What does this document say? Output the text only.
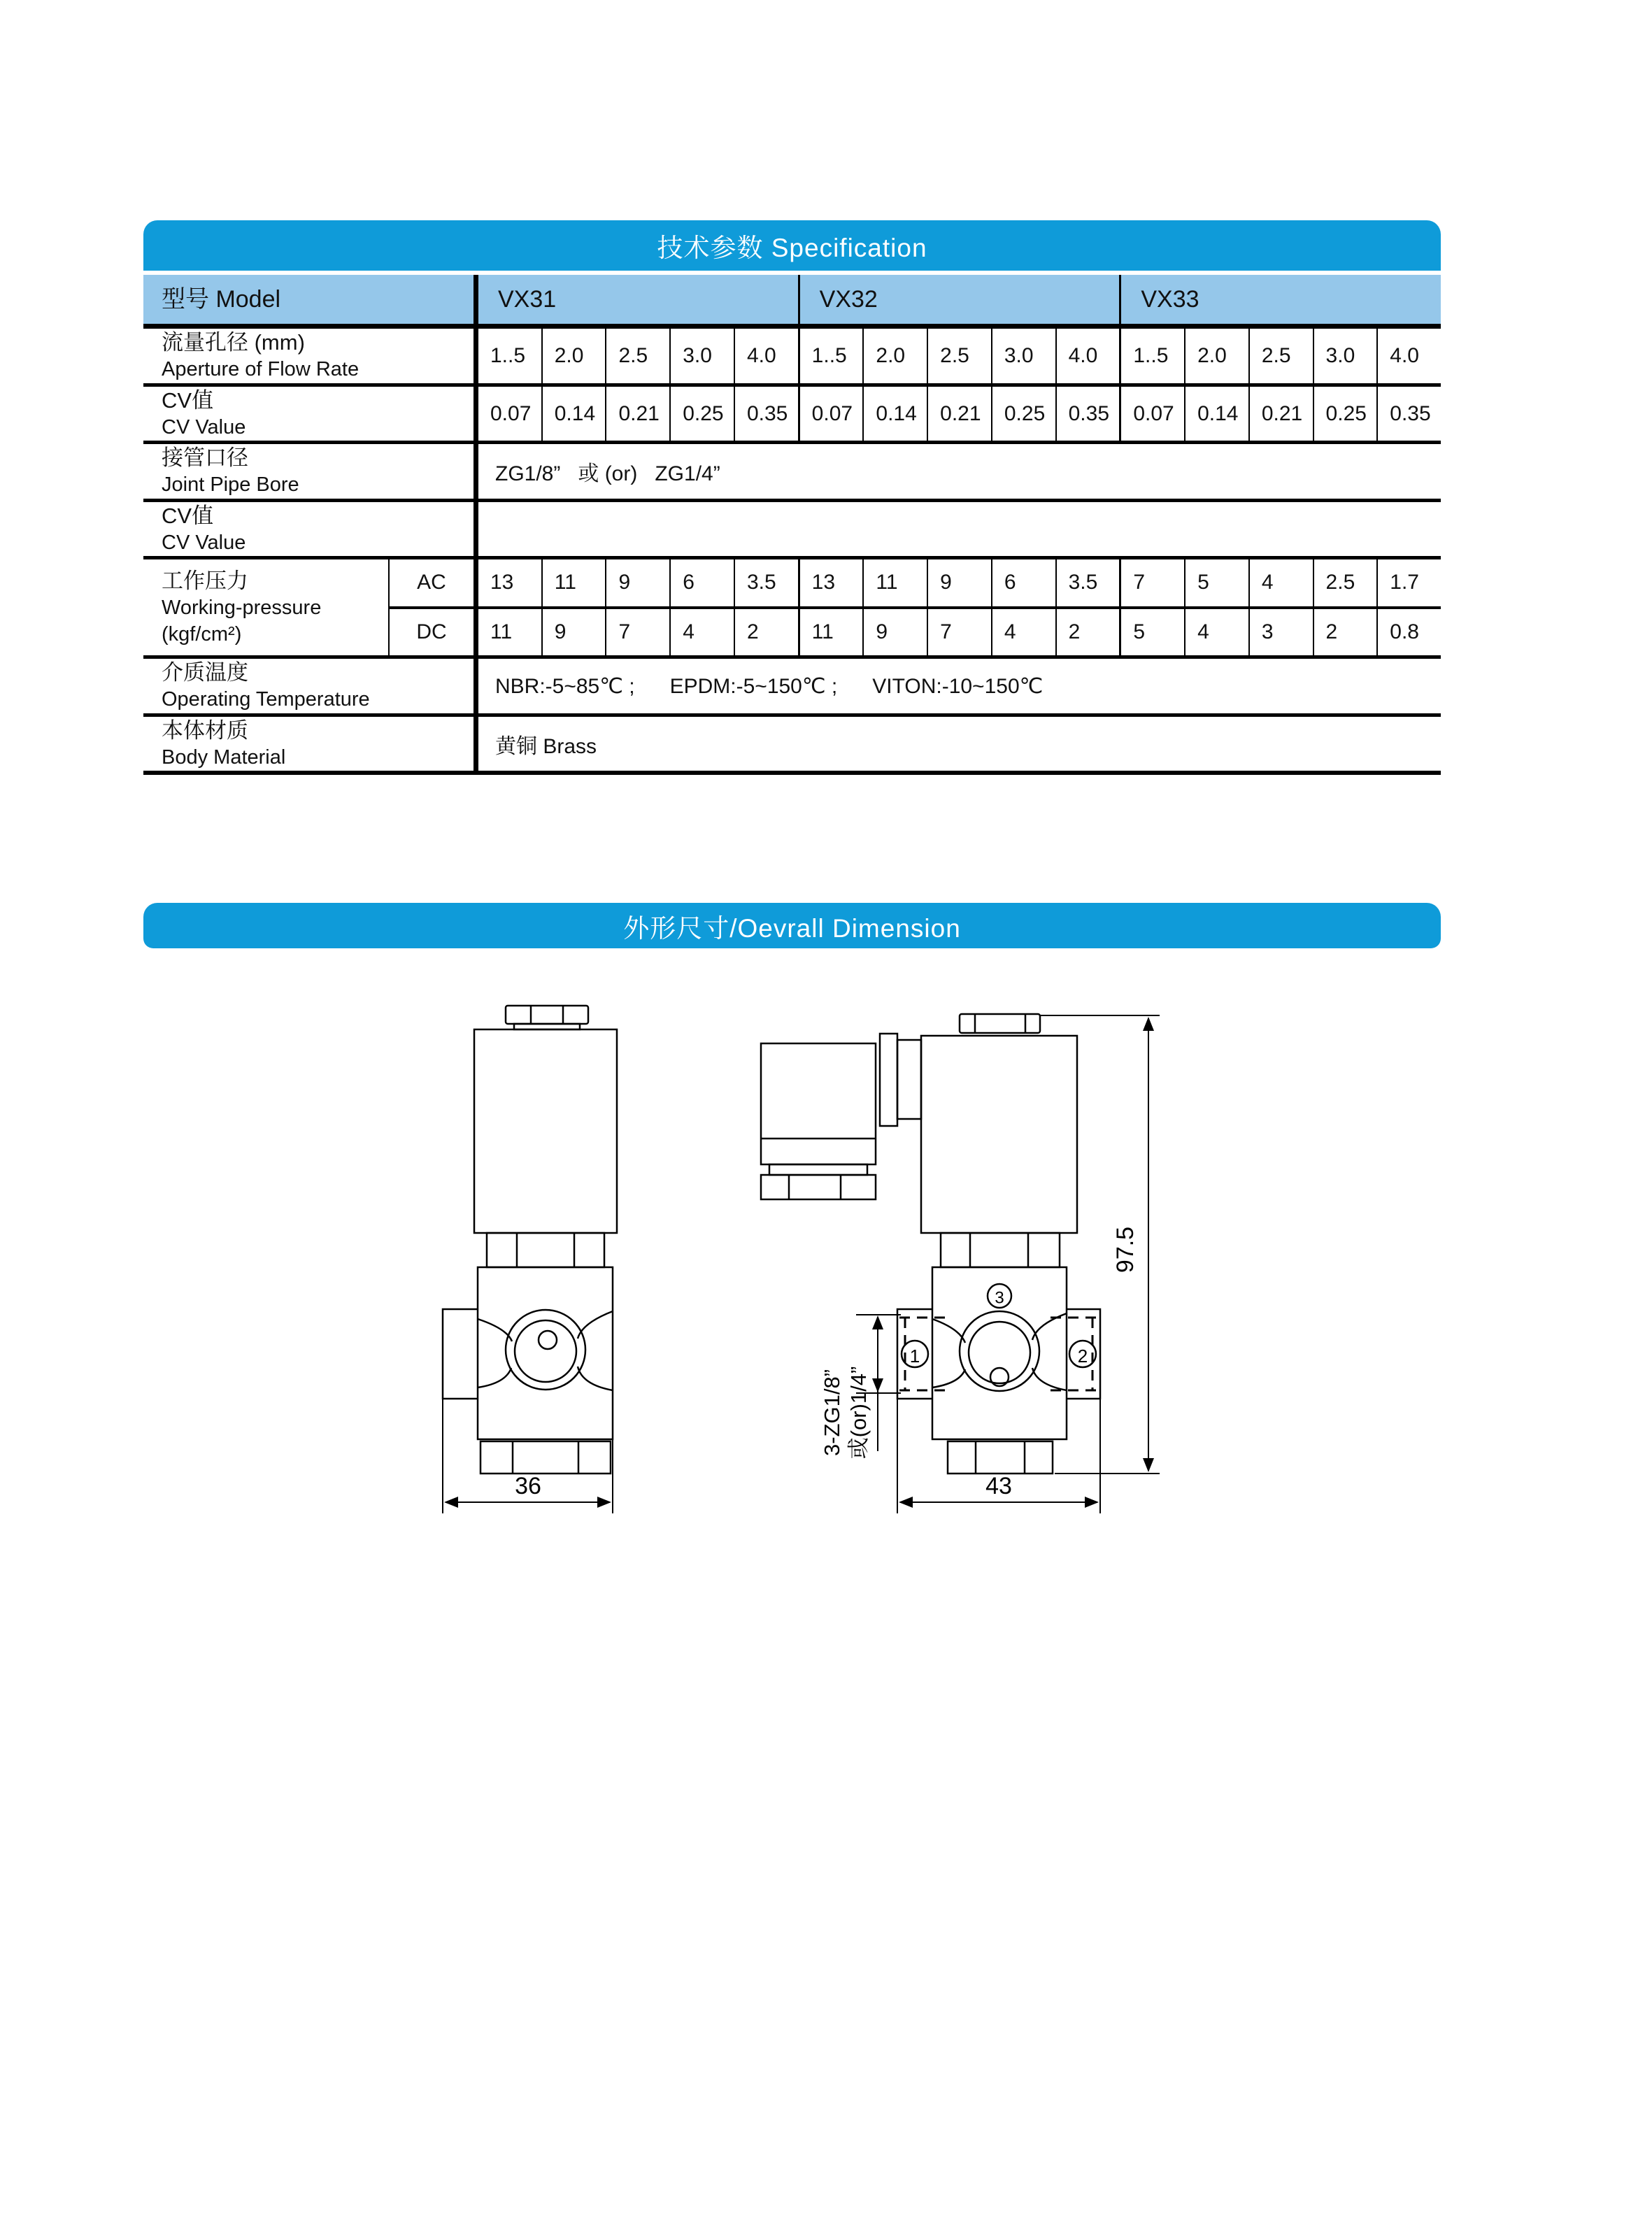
技术参数 Specification
型号 Model	VX31	VX32	VX33
流量孔径 (mm)
Aperture of Flow Rate
1..5	2.0	2.5	3.0	4.0	1..5	2.0	2.5	3.0	4.0	1..5	2.0	2.5	3.0	4.0
CV值
CV Value
0.07	0.14	0.21	0.25	0.35	0.07	0.14	0.21	0.25	0.35	0.07	0.14	0.21	0.25	0.35
接管口径
Joint Pipe Bore	ZG1/8”   或 (or)   ZG1/4”
CV值
CV Value
工作压力
Working-pressure
(kgf/cm²)
AC	13	11	9	6	3.5	13	11	9	6	3.5	7	5	4	2.5	1.7
DC	11	9	7	4	2	11	9	7	4	2	5	4	3	2	0.8
介质温度
Operating Temperature
NBR:-5~85℃ ;      EPDM:-5~150℃ ;      VITON:-10~150℃
本体材质
Body Material	黄铜 Brass
外形尺寸/Oevrall Dimension
36
3
1	2
43
97.5
3-ZG1/8” 或(or)1/4”
